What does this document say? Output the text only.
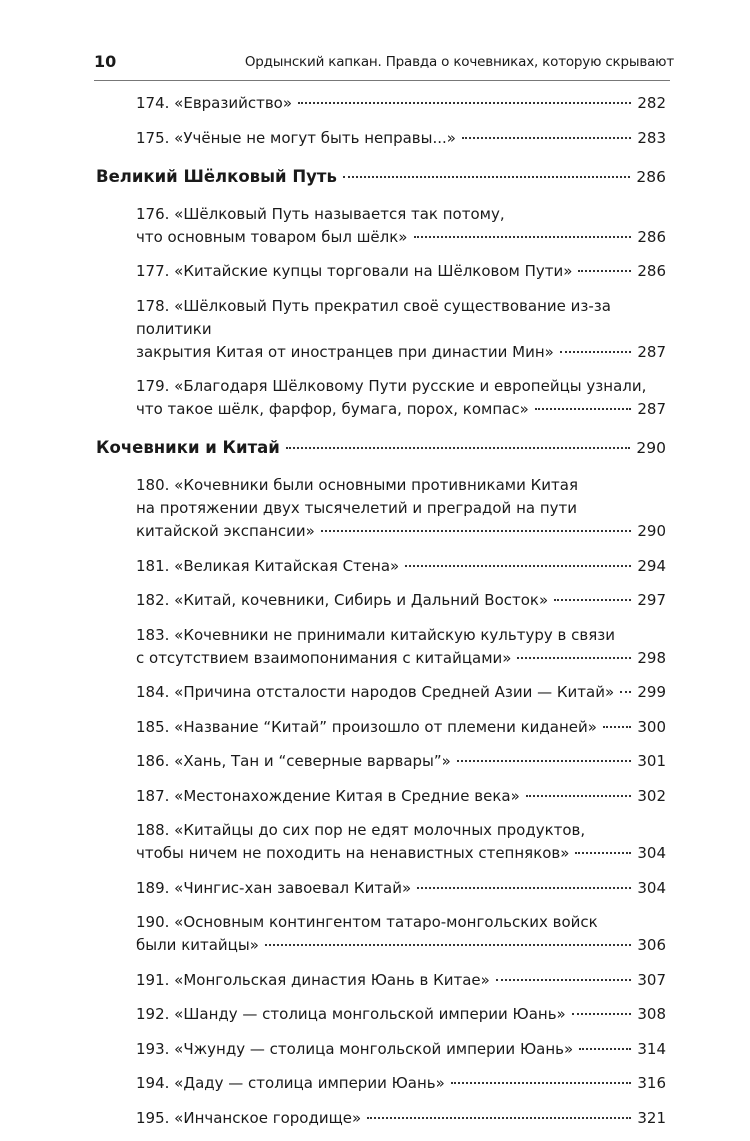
10	Ордынский капкан. Правда о кочевниках, которую скрывают
174. «Евразийство»	282
175. «Учёные не могут быть неправы...»	283
Великий Шёлковый Путь	286
176. «Шёлковый Путь называется так потому,
что основным товаром был шёлк»	286
177. «Китайские купцы торговали на Шёлковом Пути»	286
178. «Шёлковый Путь прекратил своё существование из-за политики
закрытия Китая от иностранцев при династии Мин»	287
179. «Благодаря Шёлковому Пути русские и европейцы узнали,
что такое шёлк, фарфор, бумага, порох, компас»	287
Кочевники и Китай	290
180. «Кочевники были основными противниками Китая
на протяжении двух тысячелетий и преградой на пути
китайской экспансии»	290
181. «Великая Китайская Стена»	294
182. «Китай, кочевники, Сибирь и Дальний Восток»	297
183. «Кочевники не принимали китайскую культуру в связи
с отсутствием взаимопонимания с китайцами»	298
184. «Причина отсталости народов Средней Азии — Китай» 299
185. «Название “Китай” произошло от племени киданей»	300
186. «Хань, Тан и “северные варвары”»	301
187. «Местонахождение Китая в Средние века»	302
188. «Китайцы до сих пор не едят молочных продуктов,
чтобы ничем не походить на ненавистных степняков»	304
189. «Чингис-хан завоевал Китай»	304
190. «Основным контингентом татаро-монгольских войск
были китайцы»	306
191. «Монгольская династия Юань в Китае»	307
192. «Шанду — столица монгольской империи Юань»	308
193. «Чжунду — столица монгольской империи Юань»	314
194. «Даду — столица империи Юань»	316
195. «Инчанское городище»	321
